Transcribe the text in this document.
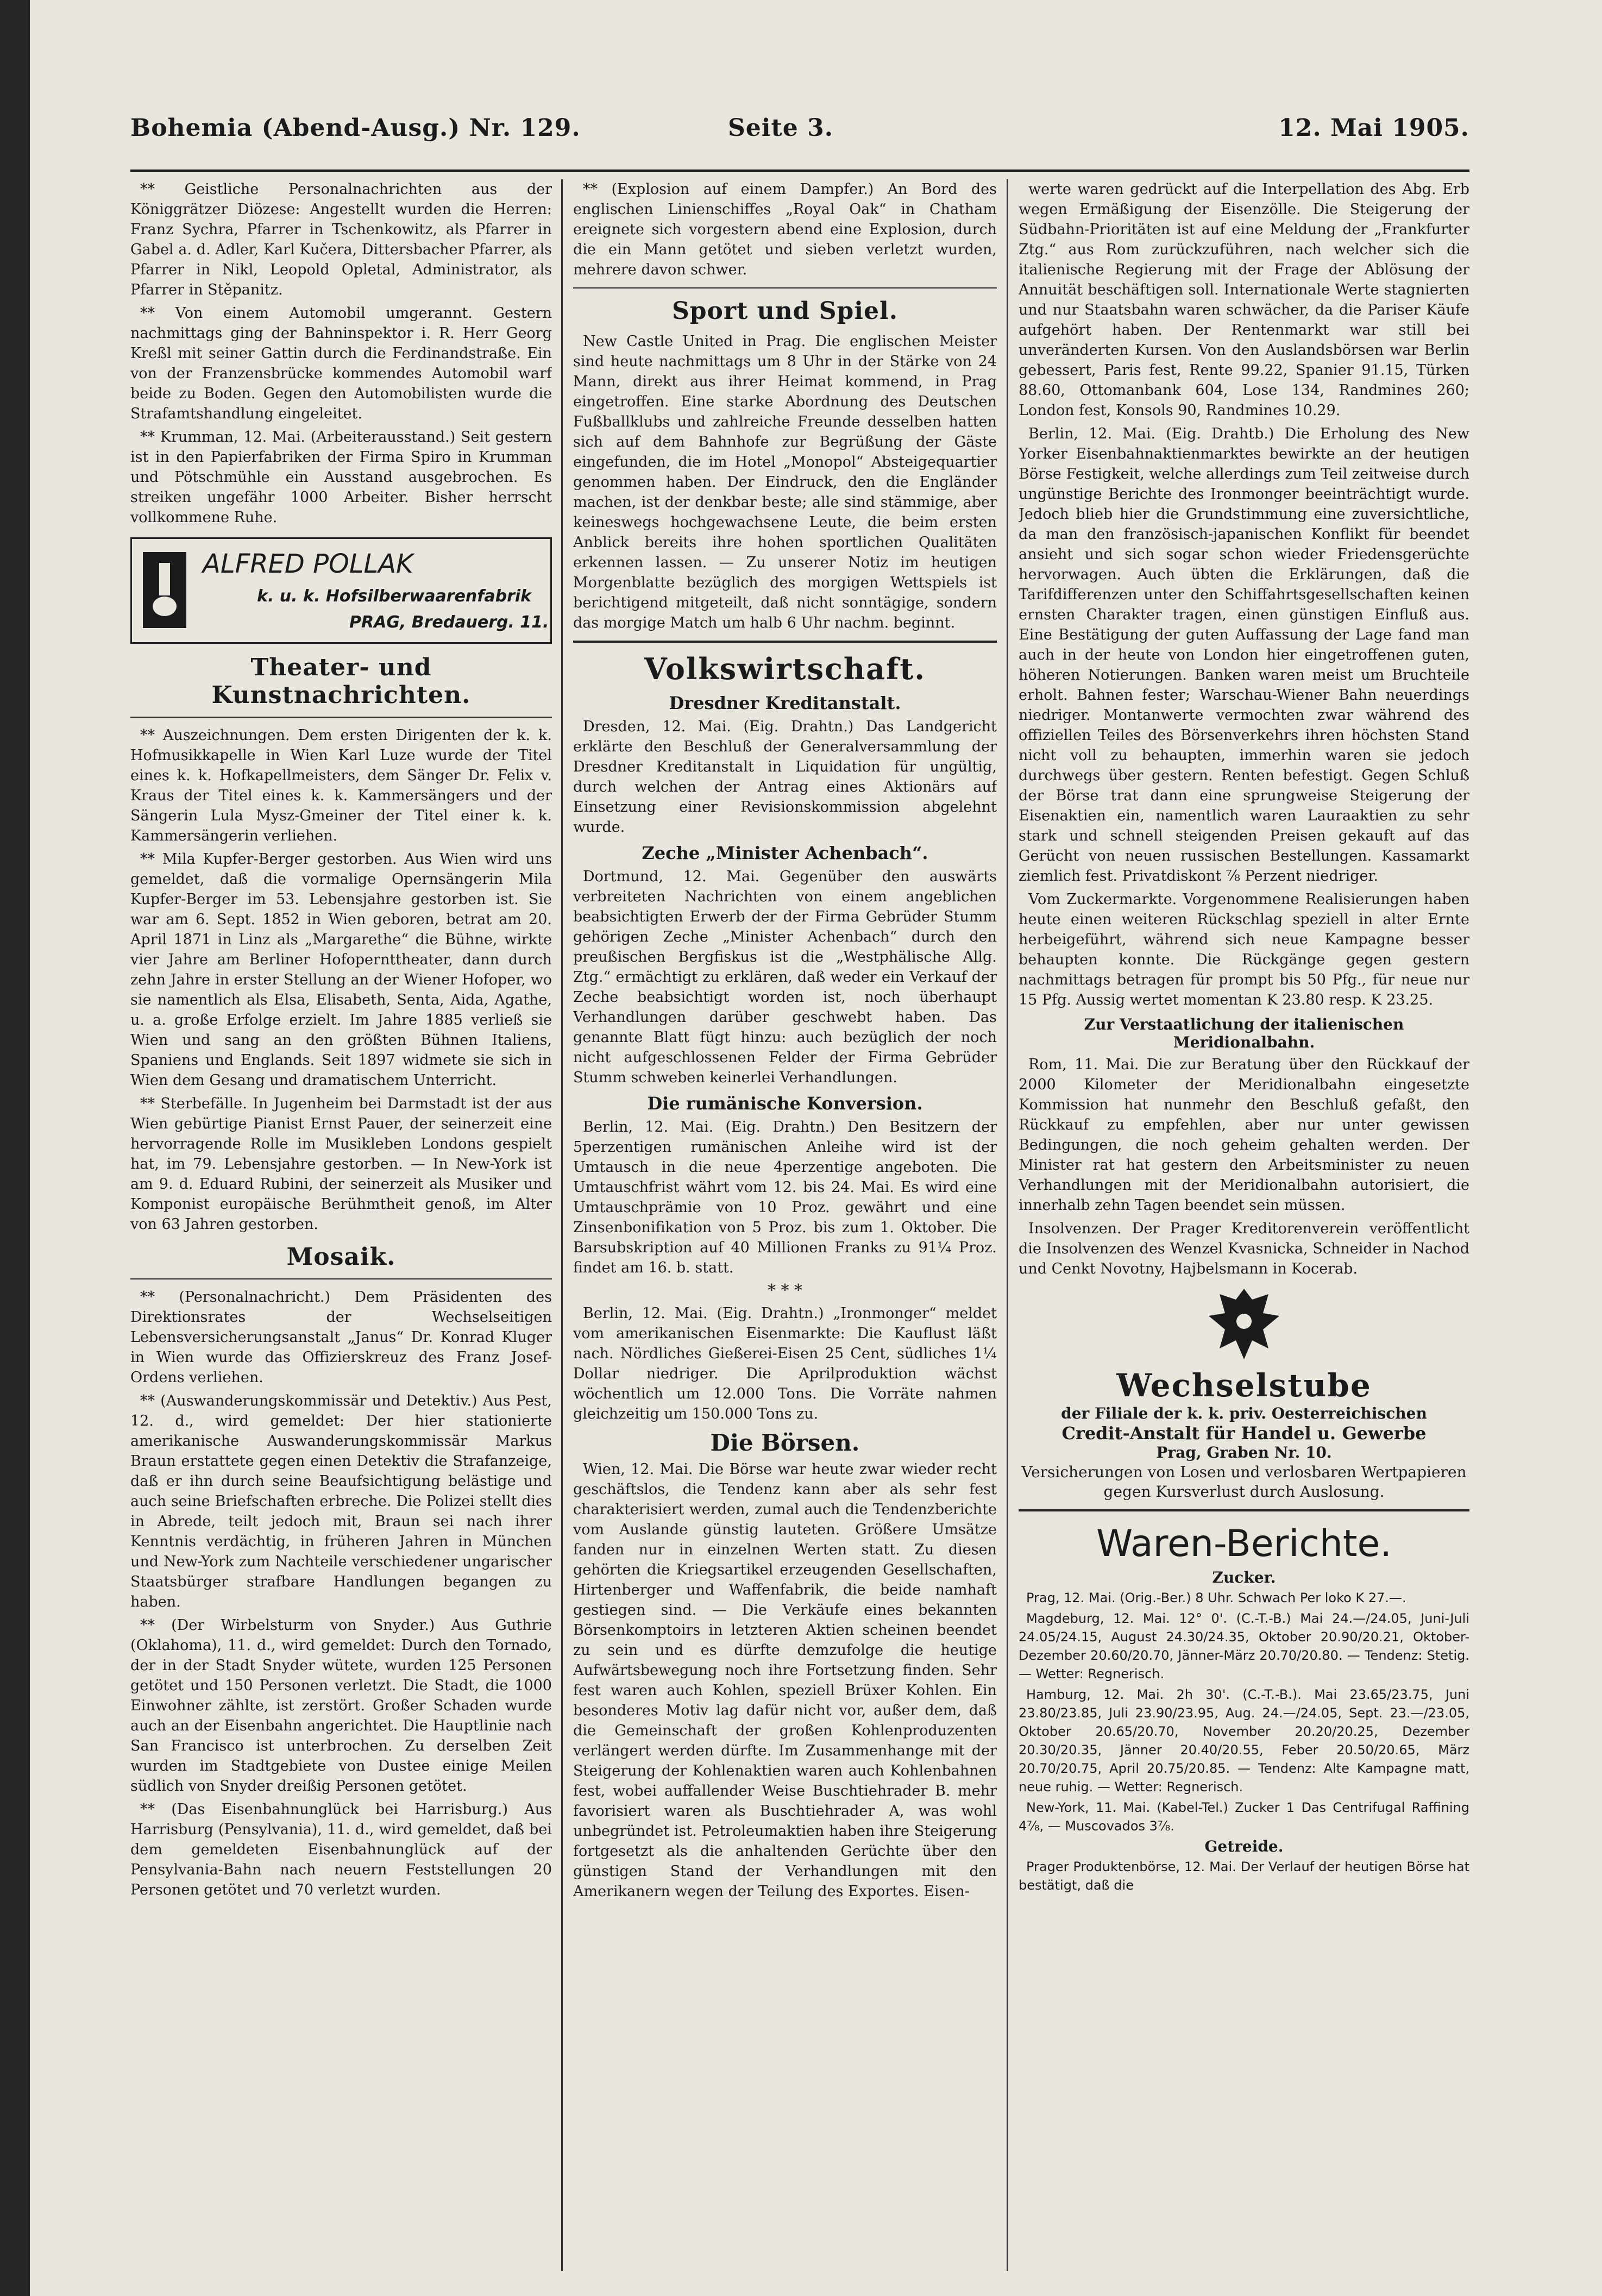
Bohemia (Abend-Ausg.) Nr. 129.	Seite 3.	12. Mai 1905.

** Geistliche Personalnachrichten aus der Königgrätzer Diözese: Angestellt wurden die Herren: Franz Sychra, Pfarrer in Tschenkowitz, als Pfarrer in Gabel a. d. Adler, Karl Kučera, Dittersbacher Pfarrer, als Pfarrer in Nikl, Leopold Opletal, Administrator, als Pfarrer in Stěpanitz.

** Von einem Automobil umgerannt. Gestern nachmittags ging der Bahninspektor i. R. Herr Georg Kreßl mit seiner Gattin durch die Ferdinandstraße. Ein von der Franzensbrücke kommendes Automobil warf beide zu Boden. Gegen den Automobilisten wurde die Strafamtshandlung eingeleitet.

** Krumman, 12. Mai. (Arbeiterausstand.) Seit gestern ist in den Papierfabriken der Firma Spiro in Krumman und Pötschmühle ein Ausstand ausgebrochen. Es streiken ungefähr 1000 Arbeiter. Bisher herrscht vollkommene Ruhe.

ALFRED POLLAK
k. u. k. Hofsilberwaarenfabrik
PRAG, Bredauerg. 11.
Theater- und Kunstnachrichten.

** Auszeichnungen. Dem ersten Dirigenten der k. k. Hofmusikkapelle in Wien Karl Luze wurde der Titel eines k. k. Hofkapellmeisters, dem Sänger Dr. Felix v. Kraus der Titel eines k. k. Kammersängers und der Sängerin Lula Mysz-Gmeiner der Titel einer k. k. Kammersängerin verliehen.

** Mila Kupfer-Berger gestorben. Aus Wien wird uns gemeldet, daß die vormalige Opernsängerin Mila Kupfer-Berger im 53. Lebensjahre gestorben ist. Sie war am 6. Sept. 1852 in Wien geboren, betrat am 20. April 1871 in Linz als „Margarethe“ die Bühne, wirkte vier Jahre am Berliner Hofopernttheater, dann durch zehn Jahre in erster Stellung an der Wiener Hofoper, wo sie namentlich als Elsa, Elisabeth, Senta, Aida, Agathe, u. a. große Erfolge erzielt. Im Jahre 1885 verließ sie Wien und sang an den größten Bühnen Italiens, Spaniens und Englands. Seit 1897 widmete sie sich in Wien dem Gesang und dramatischem Unterricht.

** Sterbefälle. In Jugenheim bei Darmstadt ist der aus Wien gebürtige Pianist Ernst Pauer, der seinerzeit eine hervorragende Rolle im Musikleben Londons gespielt hat, im 79. Lebensjahre gestorben. — In New-York ist am 9. d. Eduard Rubini, der seinerzeit als Musiker und Komponist europäische Berühmtheit genoß, im Alter von 63 Jahren gestorben.

Mosaik.

** (Personalnachricht.) Dem Präsidenten des Direktionsrates der Wechselseitigen Lebensversicherungsanstalt „Janus“ Dr. Konrad Kluger in Wien wurde das Offizierskreuz des Franz Josef-Ordens verliehen.

** (Auswanderungskommissär und Detektiv.) Aus Pest, 12. d., wird gemeldet: Der hier stationierte amerikanische Auswanderungskommissär Markus Braun erstattete gegen einen Detektiv die Strafanzeige, daß er ihn durch seine Beaufsichtigung belästige und auch seine Briefschaften erbreche. Die Polizei stellt dies in Abrede, teilt jedoch mit, Braun sei nach ihrer Kenntnis verdächtig, in früheren Jahren in München und New-York zum Nachteile verschiedener ungarischer Staatsbürger strafbare Handlungen begangen zu haben.

** (Der Wirbelsturm von Snyder.) Aus Guthrie (Oklahoma), 11. d., wird gemeldet: Durch den Tornado, der in der Stadt Snyder wütete, wurden 125 Personen getötet und 150 Personen verletzt. Die Stadt, die 1000 Einwohner zählte, ist zerstört. Großer Schaden wurde auch an der Eisenbahn angerichtet. Die Hauptlinie nach San Francisco ist unterbrochen. Zu derselben Zeit wurden im Stadtgebiete von Dustee einige Meilen südlich von Snyder dreißig Personen getötet.

** (Das Eisenbahnunglück bei Harrisburg.) Aus Harrisburg (Pensylvania), 11. d., wird gemeldet, daß bei dem gemeldeten Eisenbahnunglück auf der Pensylvania-Bahn nach neuern Feststellungen 20 Personen getötet und 70 verletzt wurden.

** (Explosion auf einem Dampfer.) An Bord des englischen Linienschiffes „Royal Oak“ in Chatham ereignete sich vorgestern abend eine Explosion, durch die ein Mann getötet und sieben verletzt wurden, mehrere davon schwer.

Sport und Spiel.

New Castle United in Prag. Die englischen Meister sind heute nachmittags um 8 Uhr in der Stärke von 24 Mann, direkt aus ihrer Heimat kommend, in Prag eingetroffen. Eine starke Abordnung des Deutschen Fußballklubs und zahlreiche Freunde desselben hatten sich auf dem Bahnhofe zur Begrüßung der Gäste eingefunden, die im Hotel „Monopol“ Absteigequartier genommen haben. Der Eindruck, den die Engländer machen, ist der denkbar beste; alle sind stämmige, aber keineswegs hochgewachsene Leute, die beim ersten Anblick bereits ihre hohen sportlichen Qualitäten erkennen lassen. — Zu unserer Notiz im heutigen Morgenblatte bezüglich des morgigen Wettspiels ist berichtigend mitgeteilt, daß nicht sonntägige, sondern das morgige Match um halb 6 Uhr nachm. beginnt.

Volkswirtschaft.
Dresdner Kreditanstalt.

Dresden, 12. Mai. (Eig. Drahtn.) Das Landgericht erklärte den Beschluß der Generalversammlung der Dresdner Kreditanstalt in Liquidation für ungültig, durch welchen der Antrag eines Aktionärs auf Einsetzung einer Revisionskommission abgelehnt wurde.

Zeche „Minister Achenbach“.

Dortmund, 12. Mai. Gegenüber den auswärts verbreiteten Nachrichten von einem angeblichen beabsichtigten Erwerb der der Firma Gebrüder Stumm gehörigen Zeche „Minister Achenbach“ durch den preußischen Bergfiskus ist die „Westphälische Allg. Ztg.“ ermächtigt zu erklären, daß weder ein Verkauf der Zeche beabsichtigt worden ist, noch überhaupt Verhandlungen darüber geschwebt haben. Das genannte Blatt fügt hinzu: auch bezüglich der noch nicht aufgeschlossenen Felder der Firma Gebrüder Stumm schweben keinerlei Verhandlungen.

Die rumänische Konversion.

Berlin, 12. Mai. (Eig. Drahtn.) Den Besitzern der 5perzentigen rumänischen Anleihe wird ist der Umtausch in die neue 4perzentige angeboten. Die Umtauschfrist währt vom 12. bis 24. Mai. Es wird eine Umtauschprämie von 10 Proz. gewährt und eine Zinsenbonifikation von 5 Proz. bis zum 1. Oktober. Die Barsubskription auf 40 Millionen Franks zu 91¼ Proz. findet am 16. b. statt.

* * *

Berlin, 12. Mai. (Eig. Drahtn.) „Ironmonger“ meldet vom amerikanischen Eisenmarkte: Die Kauflust läßt nach. Nördliches Gießerei-Eisen 25 Cent, südliches 1¼ Dollar niedriger. Die Aprilproduktion wächst wöchentlich um 12.000 Tons. Die Vorräte nahmen gleichzeitig um 150.000 Tons zu.

Die Börsen.

Wien, 12. Mai. Die Börse war heute zwar wieder recht geschäftslos, die Tendenz kann aber als sehr fest charakterisiert werden, zumal auch die Tendenzberichte vom Auslande günstig lauteten. Größere Umsätze fanden nur in einzelnen Werten statt. Zu diesen gehörten die Kriegsartikel erzeugenden Gesellschaften, Hirtenberger und Waffenfabrik, die beide namhaft gestiegen sind. — Die Verkäufe eines bekannten Börsenkomptoirs in letzteren Aktien scheinen beendet zu sein und es dürfte demzufolge die heutige Aufwärtsbewegung noch ihre Fortsetzung finden. Sehr fest waren auch Kohlen, speziell Brüxer Kohlen. Ein besonderes Motiv lag dafür nicht vor, außer dem, daß die Gemeinschaft der großen Kohlenproduzenten verlängert werden dürfte. Im Zusammenhange mit der Steigerung der Kohlenaktien waren auch Kohlenbahnen fest, wobei auffallender Weise Buschtiehrader B. mehr favorisiert waren als Buschtiehrader A, was wohl unbegründet ist. Petroleumaktien haben ihre Steigerung fortgesetzt als die anhaltenden Gerüchte über den günstigen Stand der Verhandlungen mit den Amerikanern wegen der Teilung des Exportes. Eisen-

werte waren gedrückt auf die Interpellation des Abg. Erb wegen Ermäßigung der Eisenzölle. Die Steigerung der Südbahn-Prioritäten ist auf eine Meldung der „Frankfurter Ztg.“ aus Rom zurückzuführen, nach welcher sich die italienische Regierung mit der Frage der Ablösung der Annuität beschäftigen soll. Internationale Werte stagnierten und nur Staatsbahn waren schwächer, da die Pariser Käufe aufgehört haben. Der Rentenmarkt war still bei unveränderten Kursen. Von den Auslandsbörsen war Berlin gebessert, Paris fest, Rente 99.22, Spanier 91.15, Türken 88.60, Ottomanbank 604, Lose 134, Randmines 260; London fest, Konsols 90, Randmines 10.29.

Berlin, 12. Mai. (Eig. Drahtb.) Die Erholung des New Yorker Eisenbahnaktienmarktes bewirkte an der heutigen Börse Festigkeit, welche allerdings zum Teil zeitweise durch ungünstige Berichte des Ironmonger beeinträchtigt wurde. Jedoch blieb hier die Grundstimmung eine zuversichtliche, da man den französisch-japanischen Konflikt für beendet ansieht und sich sogar schon wieder Friedensgerüchte hervorwagen. Auch übten die Erklärungen, daß die Tarifdifferenzen unter den Schiffahrtsgesellschaften keinen ernsten Charakter tragen, einen günstigen Einfluß aus. Eine Bestätigung der guten Auffassung der Lage fand man auch in der heute von London hier eingetroffenen guten, höheren Notierungen. Banken waren meist um Bruchteile erholt. Bahnen fester; Warschau-Wiener Bahn neuerdings niedriger. Montanwerte vermochten zwar während des offiziellen Teiles des Börsenverkehrs ihren höchsten Stand nicht voll zu behaupten, immerhin waren sie jedoch durchwegs über gestern. Renten befestigt. Gegen Schluß der Börse trat dann eine sprungweise Steigerung der Eisenaktien ein, namentlich waren Lauraaktien zu sehr stark und schnell steigenden Preisen gekauft auf das Gerücht von neuen russischen Bestellungen. Kassamarkt ziemlich fest. Privatdiskont ⅞ Perzent niedriger.

Vom Zuckermarkte. Vorgenommene Realisierungen haben heute einen weiteren Rückschlag speziell in alter Ernte herbeigeführt, während sich neue Kampagne besser behaupten konnte. Die Rückgänge gegen gestern nachmittags betragen für prompt bis 50 Pfg., für neue nur 15 Pfg. Aussig wertet momentan K 23.80 resp. K 23.25.

Zur Verstaatlichung der italienischen Meridionalbahn.

Rom, 11. Mai. Die zur Beratung über den Rückkauf der 2000 Kilometer der Meridionalbahn eingesetzte Kommission hat nunmehr den Beschluß gefaßt, den Rückkauf zu empfehlen, aber nur unter gewissen Bedingungen, die noch geheim gehalten werden. Der Minister rat hat gestern den Arbeitsminister zu neuen Verhandlungen mit der Meridionalbahn autorisiert, die innerhalb zehn Tagen beendet sein müssen.

Insolvenzen. Der Prager Kreditorenverein veröffentlicht die Insolvenzen des Wenzel Kvasnicka, Schneider in Nachod und Cenkt Novotny, Hajbelsmann in Kocerab.

Wechselstube
der Filiale der k. k. priv. Oesterreichischen
Credit-Anstalt für Handel u. Gewerbe
Prag, Graben Nr. 10.
Versicherungen von Losen und verlosbaren Wertpapieren
gegen Kursverlust durch Auslosung.
Waren-Berichte.
Zucker.

Prag, 12. Mai. (Orig.-Ber.) 8 Uhr. Schwach Per loko K 27.—.

Magdeburg, 12. Mai. 12° 0'. (C.-T.-B.) Mai 24.—/24.05, Juni-Juli 24.05/24.15, August 24.30/24.35, Oktober 20.90/20.21, Oktober-Dezember 20.60/20.70, Jänner-März 20.70/20.80. — Tendenz: Stetig. — Wetter: Regnerisch.

Hamburg, 12. Mai. 2h 30'. (C.-T.-B.). Mai 23.65/23.75, Juni 23.80/23.85, Juli 23.90/23.95, Aug. 24.—/24.05, Sept. 23.—/23.05, Oktober 20.65/20.70, November 20.20/20.25, Dezember 20.30/20.35, Jänner 20.40/20.55, Feber 20.50/20.65, März 20.70/20.75, April 20.75/20.85. — Tendenz: Alte Kampagne matt, neue ruhig. — Wetter: Regnerisch.

New-York, 11. Mai. (Kabel-Tel.) Zucker 1 Das Centrifugal Raffining 4⅞, — Muscovados 3⅞.

Getreide.

Prager Produktenbörse, 12. Mai. Der Verlauf der heutigen Börse hat bestätigt, daß die
